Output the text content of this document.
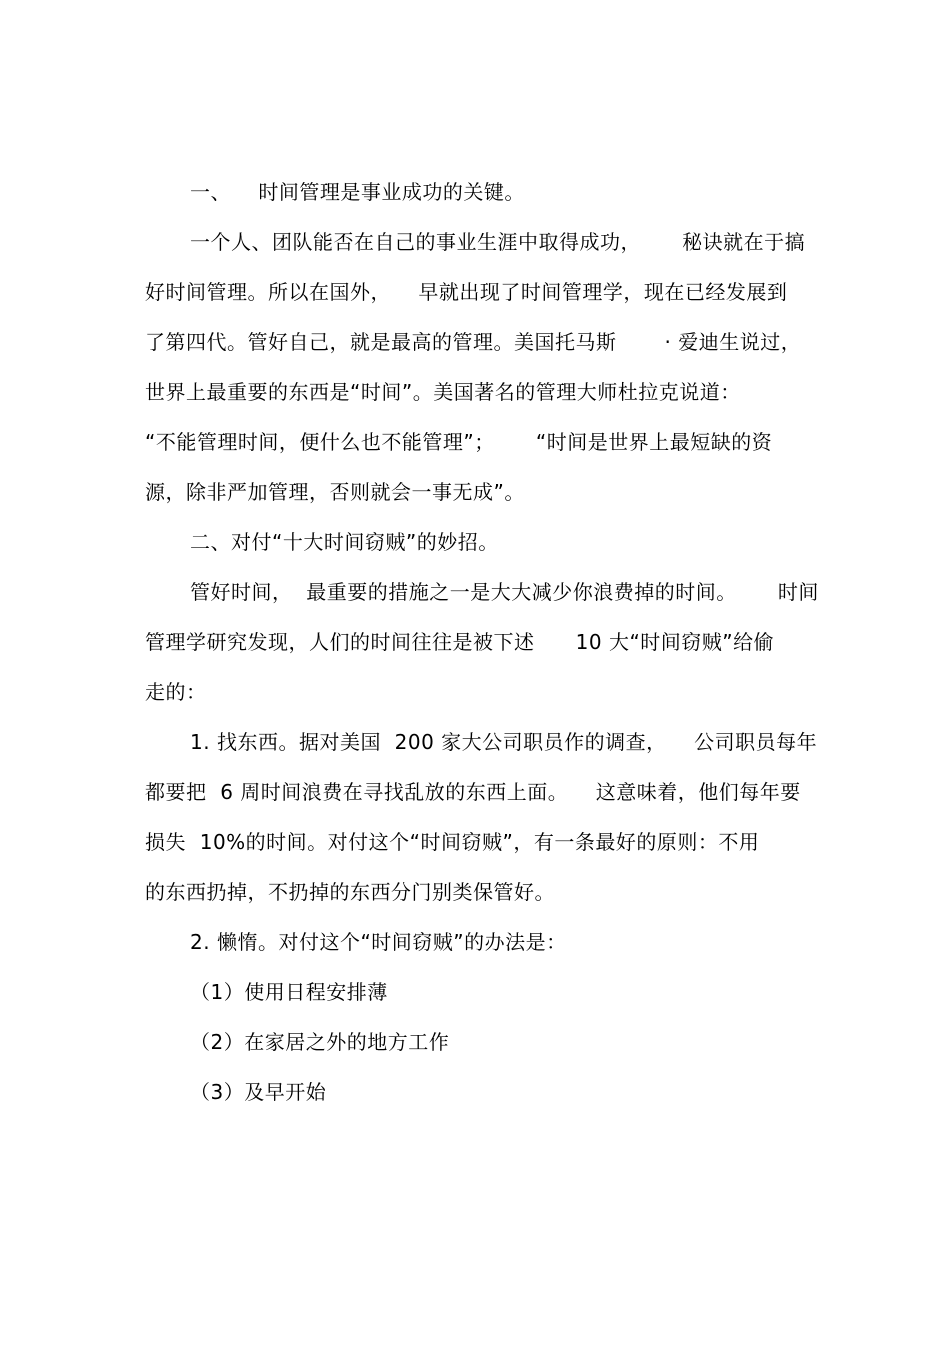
一、    时间管理是事业成功的关键。
一个人、团队能否在自己的事业生涯中取得成功，      秘诀就在于搞
好时间管理。所以在国外，    早就出现了时间管理学，现在已经发展到
了第四代。管好自己，就是最高的管理。美国托马斯       · 爱迪生说过，
世界上最重要的东西是“时间”。美国著名的管理大师杜拉克说道：
“不能管理时间，便什么也不能管理”；      “时间是世界上最短缺的资
源，除非严加管理，否则就会一事无成”。
二、对付“十大时间窃贼”的妙招。
管好时间，  最重要的措施之一是大大减少你浪费掉的时间。      时间
管理学研究发现，人们的时间往往是被下述      10 大“时间窃贼”给偷
走的：
1. 找东西。据对美国  200 家大公司职员作的调查，    公司职员每年
都要把  6 周时间浪费在寻找乱放的东西上面。    这意味着，他们每年要
损失  10%的时间。对付这个“时间窃贼”，有一条最好的原则：不用
的东西扔掉，不扔掉的东西分门别类保管好。
2. 懒惰。对付这个“时间窃贼”的办法是：
（1）使用日程安排薄
（2）在家居之外的地方工作
（3）及早开始
